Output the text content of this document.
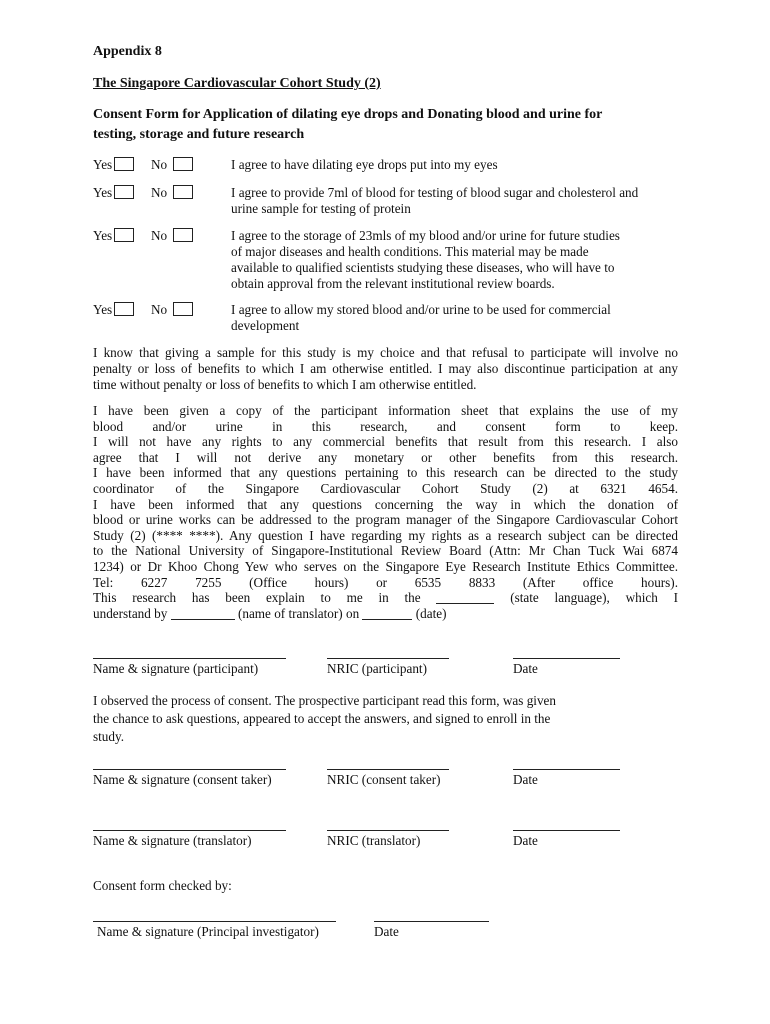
Appendix 8
The Singapore Cardiovascular Cohort Study (2)
Consent Form for Application of dilating eye drops and Donating blood and urine for
testing, storage and future research
Yes	No	I agree to have dilating eye drops put into my eyes
Yes	No	I agree to provide 7ml of blood for testing of blood sugar and cholesterol and
urine sample for testing of protein
Yes	No	I agree to the storage of 23mls of my blood and/or urine for future studies
of major diseases and health conditions. This material may be made
available to qualified scientists studying these diseases, who will have to
obtain approval from the relevant institutional review boards.
Yes	No	I agree to allow my stored blood and/or urine to be used for commercial
development
I know that giving a sample for this study is my choice and that refusal to participate will involve no
penalty or loss of benefits to which I am otherwise entitled. I may also discontinue participation at any
time without penalty or loss of benefits to which I am otherwise entitled.
I have been given a copy of the participant information sheet that explains the use of my
blood and/or urine in this research, and consent form to keep.
I will not have any rights to any commercial benefits that result from this research. I also
agree that I will not derive any monetary or other benefits from this research.
I have been informed that any questions pertaining to this research can be directed to the study
coordinator of the Singapore Cardiovascular Cohort Study (2) at 6321 4654.
I have been informed that any questions concerning the way in which the donation of
blood or urine works can be addressed to the program manager of the Singapore Cardiovascular Cohort
Study (2) (**** ****). Any question I have regarding my rights as a research subject can be directed
to the National University of Singapore-Institutional Review Board (Attn: Mr Chan Tuck Wai 6874
1234) or Dr Khoo Chong Yew who serves on the Singapore Eye Research Institute Ethics Committee.
Tel: 6227 7255 (Office hours) or 6535 8833 (After office hours).
This research has been explain to me in the	(state language), which I
understand by	(name of translator) on	(date)
Name & signature (participant)	NRIC (participant)	Date
I observed the process of consent. The prospective participant read this form, was given
the chance to ask questions, appeared to accept the answers, and signed to enroll in the
study.
Name & signature (consent taker)	NRIC (consent taker)	Date
Name & signature (translator)	NRIC (translator)	Date
Consent form checked by:
Name & signature (Principal investigator)	Date
